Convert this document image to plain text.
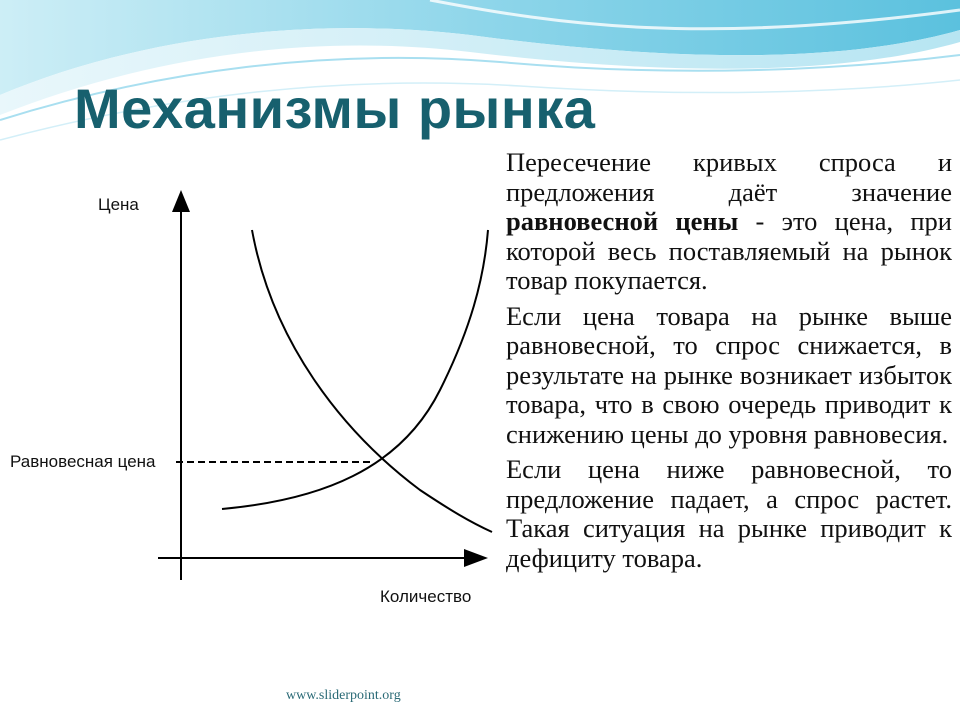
Механизмы рынка
Цена
Равновесная цена
Количество

Пересечение кривых спроса и предложения даёт значение равновесной цены - это цена, при которой весь поставляемый на рынок товар покупается.

Если цена товара на рынке выше равновесной, то спрос снижается, в результате на рынке возникает избыток товара, что в свою очередь приводит к снижению цены до уровня равновесия.

Если цена ниже равновесной, то предложение падает, а спрос растет. Такая ситуация на рынке приводит к дефициту товара.

www.sliderpoint.org
